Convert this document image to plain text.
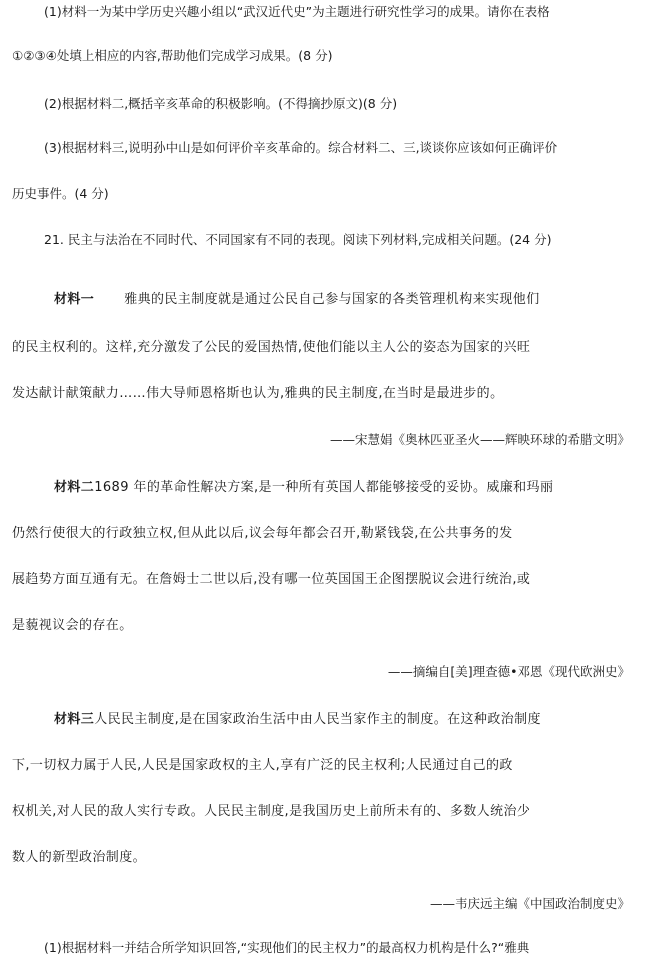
(1)材料一为某中学历史兴趣小组以“武汉近代史”为主题进行研究性学习的成果。请你在表格
①②③④处填上相应的内容,帮助他们完成学习成果。(8 分)
(2)根据材料二,概括辛亥革命的积极影响。(不得摘抄原文)(8 分)
(3)根据材料三,说明孙中山是如何评价辛亥革命的。综合材料二、三,谈谈你应该如何正确评价
历史事件。(4 分)
21. 民主与法治在不同时代、不同国家有不同的表现。阅读下列材料,完成相关问题。(24 分)
材料一 雅典的民主制度就是通过公民自己参与国家的各类管理机构来实现他们
的民主权利的。这样,充分激发了公民的爱国热情,使他们能以主人公的姿态为国家的兴旺
发达献计献策献力……伟大导师恩格斯也认为,雅典的民主制度,在当时是最进步的。
——宋慧娟《奥林匹亚圣火——辉映环球的希腊文明》
材料二1689 年的革命性解决方案,是一种所有英国人都能够接受的妥协。威廉和玛丽
仍然行使很大的行政独立权,但从此以后,议会每年都会召开,勒紧钱袋,在公共事务的发
展趋势方面互通有无。在詹姆士二世以后,没有哪一位英国国王企图摆脱议会进行统治,或
是藐视议会的存在。
——摘编自[美]理查德•邓恩《现代欧洲史》
材料三人民民主制度,是在国家政治生活中由人民当家作主的制度。在这种政治制度
下,一切权力属于人民,人民是国家政权的主人,享有广泛的民主权利;人民通过自己的政
权机关,对人民的敌人实行专政。人民民主制度,是我国历史上前所未有的、多数人统治少
数人的新型政治制度。
——韦庆远主编《中国政治制度史》
(1)根据材料一并结合所学知识回答,“实现他们的民主权力”的最高权力机构是什么?“雅典
